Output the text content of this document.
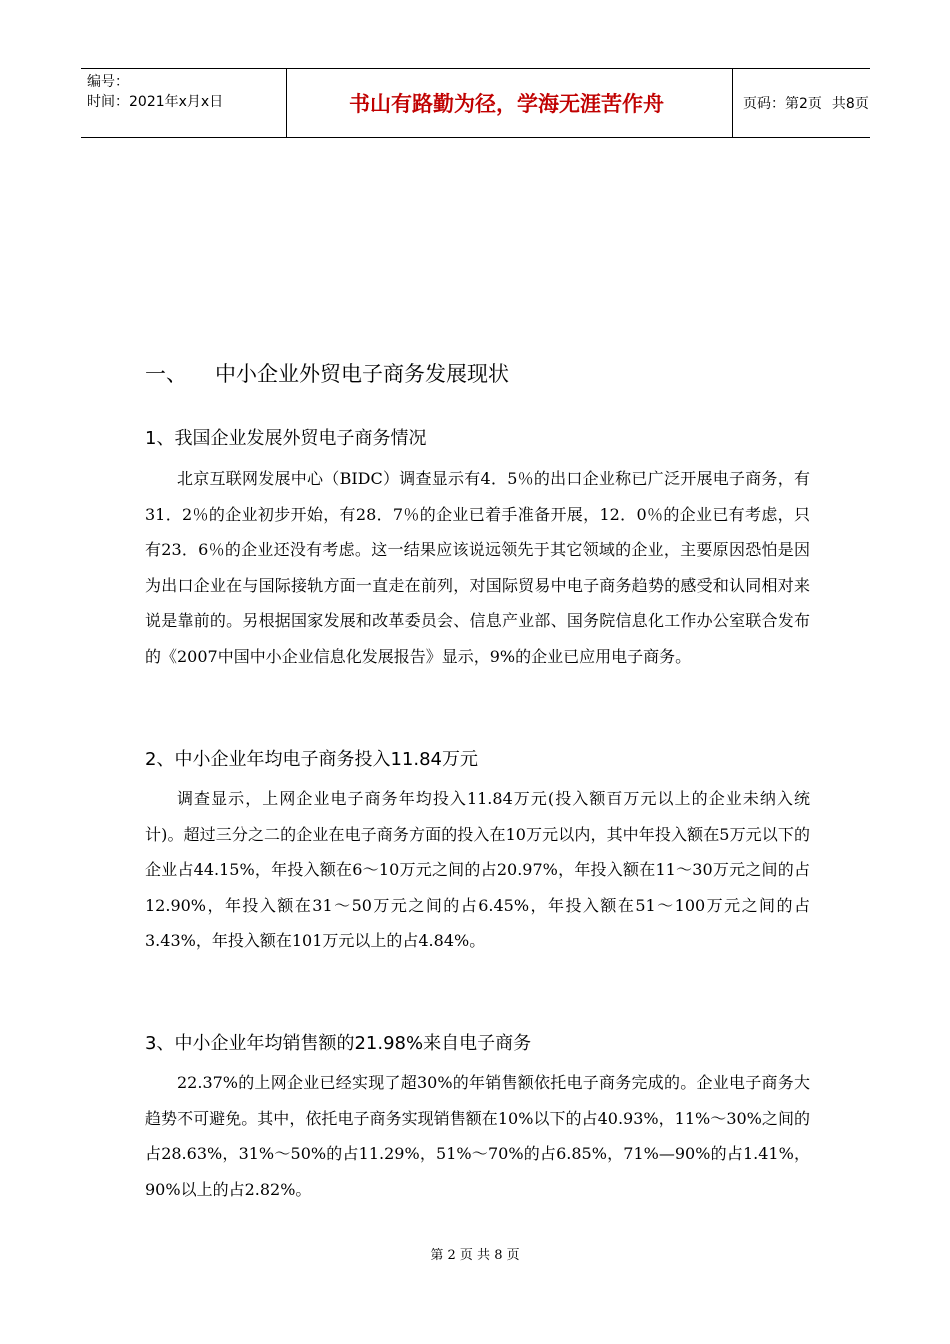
编号：
时间：2021年x月x日	书山有路勤为径，学海无涯苦作舟	页码：第2页 共8页
一、 中小企业外贸电子商务发展现状
1、我国企业发展外贸电子商务情况
北京互联网发展中心（BIDC）调查显示有4．5％的出口企业称已广泛开展电子商务，有31．2％的企业初步开始，有28．7％的企业已着手准备开展，12．0％的企业已有考虑，只有23．6％的企业还没有考虑。这一结果应该说远领先于其它领域的企业，主要原因恐怕是因为出口企业在与国际接轨方面一直走在前列，对国际贸易中电子商务趋势的感受和认同相对来说是靠前的。另根据国家发展和改革委员会、信息产业部、国务院信息化工作办公室联合发布的《2007中国中小企业信息化发展报告》显示，9%的企业已应用电子商务。
2、中小企业年均电子商务投入11.84万元
调查显示，上网企业电子商务年均投入11.84万元(投入额百万元以上的企业未纳入统计)。超过三分之二的企业在电子商务方面的投入在10万元以内，其中年投入额在5万元以下的企业占44.15%，年投入额在6～10万元之间的占20.97%，年投入额在11～30万元之间的占12.90%，年投入额在31～50万元之间的占6.45%，年投入额在51～100万元之间的占3.43%，年投入额在101万元以上的占4.84%。
3、中小企业年均销售额的21.98%来自电子商务
22.37%的上网企业已经实现了超30%的年销售额依托电子商务完成的。企业电子商务大趋势不可避免。其中，依托电子商务实现销售额在10%以下的占40.93%，11%～30%之间的占28.63%，31%～50%的占11.29%，51%～70%的占6.85%，71%—90%的占1.41%，90%以上的占2.82%。
第 2 页 共 8 页
